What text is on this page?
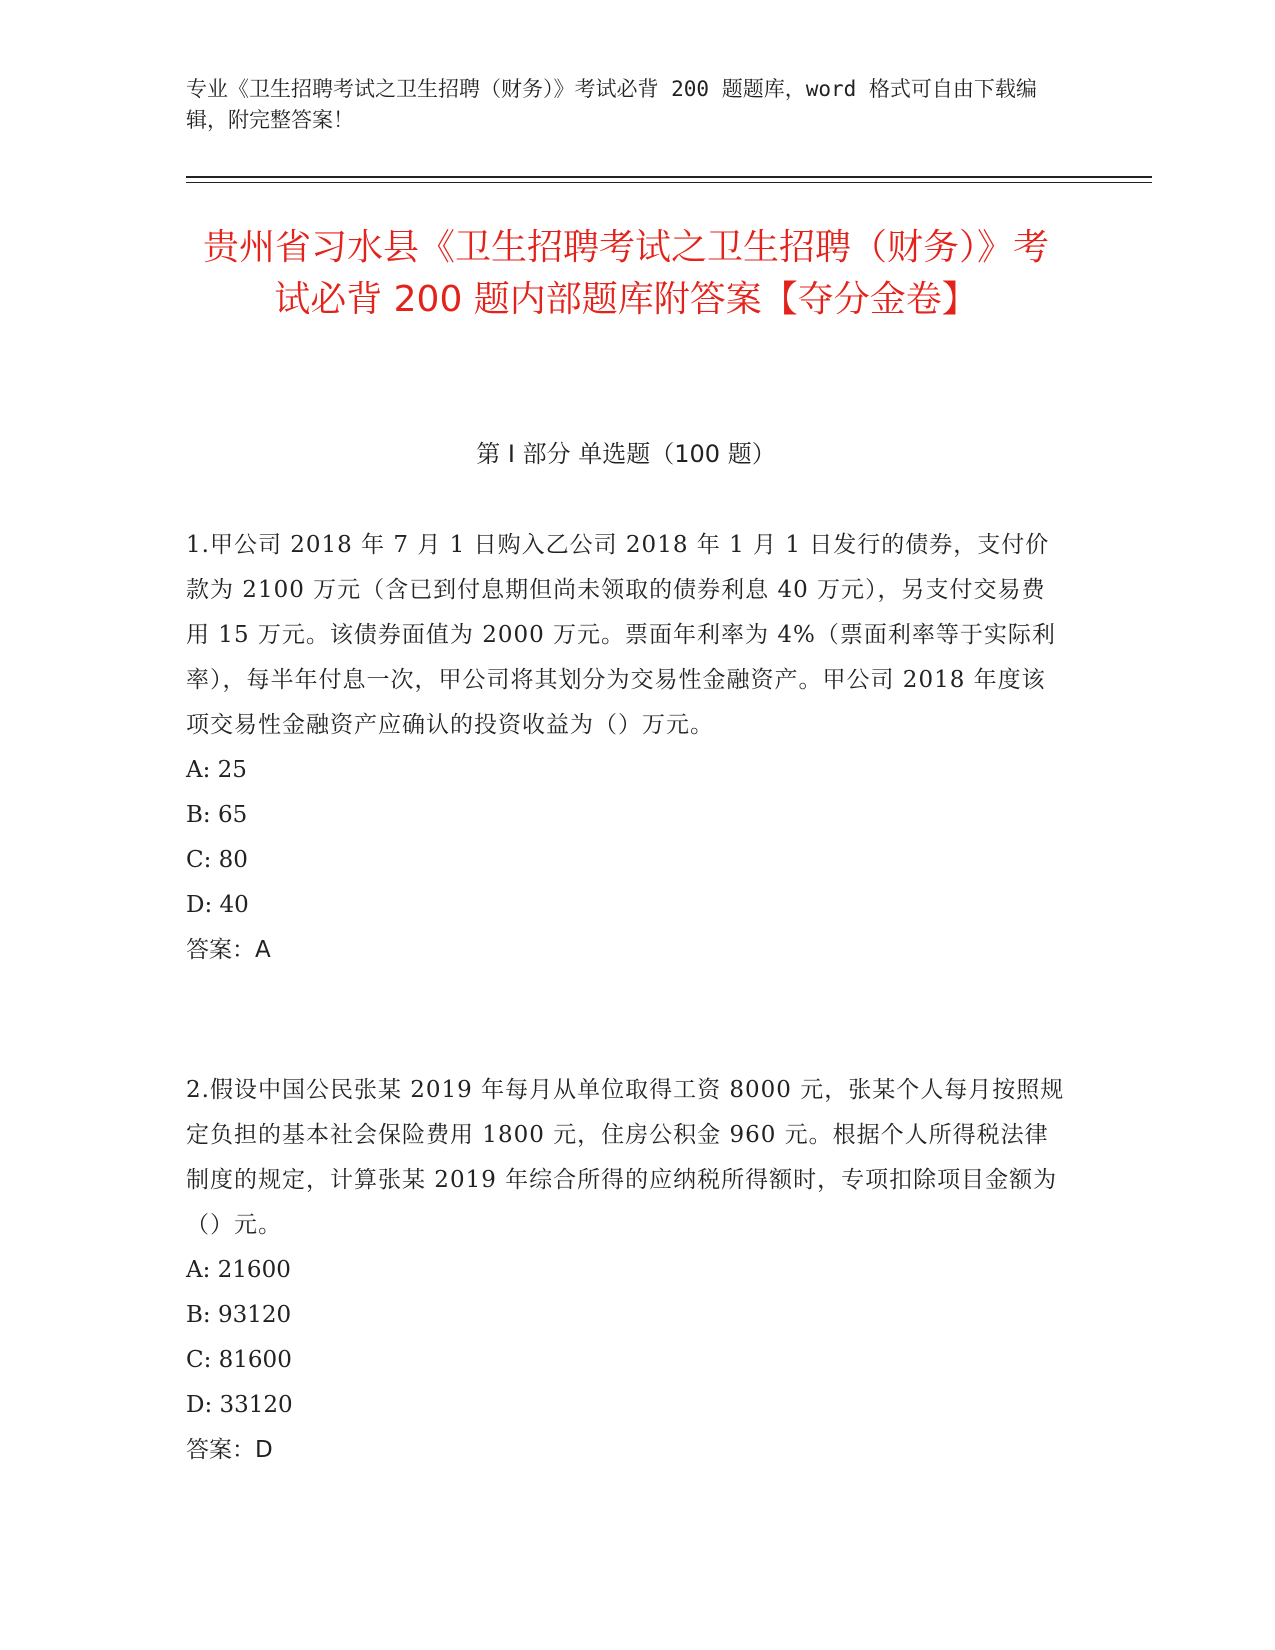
专业《卫生招聘考试之卫生招聘（财务）》考试必背 200 题题库，word 格式可自由下载编辑，附完整答案！
贵州省习水县《卫生招聘考试之卫生招聘（财务）》考试必背 200 题内部题库附答案【夺分金卷】
第 I 部分 单选题（100 题）
1.甲公司 2018 年 7 月 1 日购入乙公司 2018 年 1 月 1 日发行的债券，支付价款为 2100 万元（含已到付息期但尚未领取的债券利息 40 万元），另支付交易费用 15 万元。该债券面值为 2000 万元。票面年利率为 4%（票面利率等于实际利率），每半年付息一次，甲公司将其划分为交易性金融资产。甲公司 2018 年度该项交易性金融资产应确认的投资收益为（）万元。
A: 25
B: 65
C: 80
D: 40
答案：A
2.假设中国公民张某 2019 年每月从单位取得工资 8000 元，张某个人每月按照规定负担的基本社会保险费用 1800 元，住房公积金 960 元。根据个人所得税法律制度的规定，计算张某 2019 年综合所得的应纳税所得额时，专项扣除项目金额为（）元。
A: 21600
B: 93120
C: 81600
D: 33120
答案：D
